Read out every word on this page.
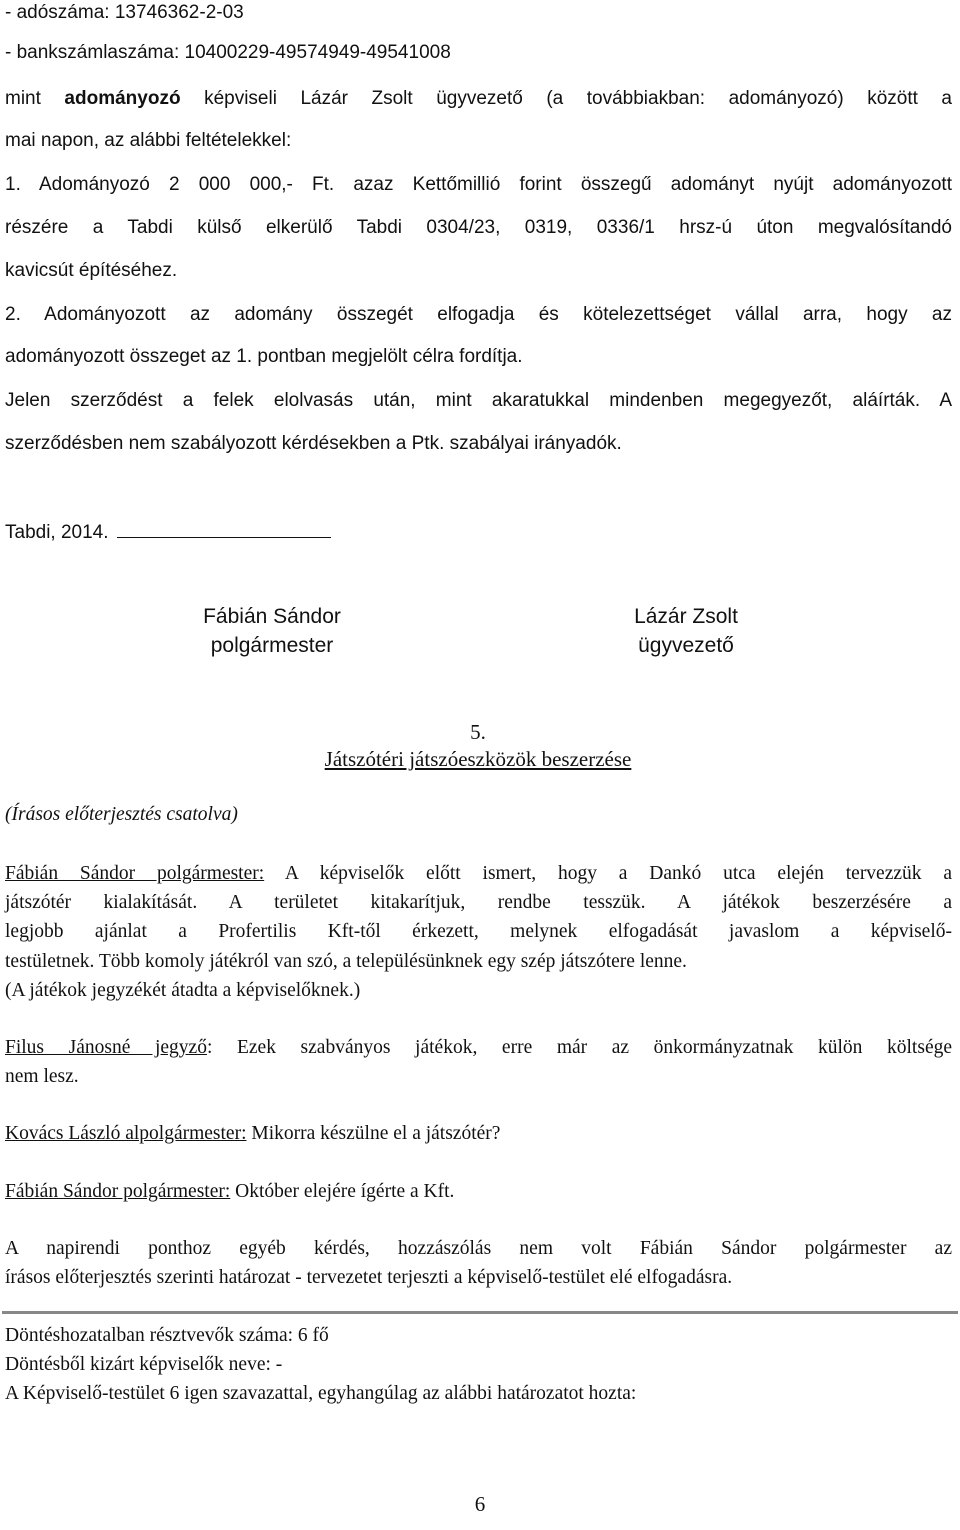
- adószáma: 13746362-2-03
- bankszámlaszáma: 10400229-49574949-49541008
mint adományozó képviseli Lázár Zsolt ügyvezető (a továbbiakban: adományozó) között a
mai napon, az alábbi feltételekkel:
1. Adományozó 2 000 000,- Ft. azaz Kettőmillió forint összegű adományt nyújt adományozott
részére a Tabdi külső elkerülő Tabdi 0304/23, 0319, 0336/1 hrsz-ú úton megvalósítandó
kavicsút építéséhez.
2. Adományozott az adomány összegét elfogadja és kötelezettséget vállal arra, hogy az
adományozott összeget az 1. pontban megjelölt célra fordítja.
Jelen szerződést a felek elolvasás után, mint akaratukkal mindenben megegyezőt, aláírták. A
szerződésben nem szabályozott kérdésekben a Ptk. szabályai irányadók.
Tabdi, 2014.
Fábián Sándor
polgármester
Lázár Zsolt
ügyvezető
5.
Játszótéri játszóeszközök beszerzése
(Írásos előterjesztés csatolva)
Fábián Sándor polgármester: A képviselők előtt ismert, hogy a Dankó utca elején tervezzük a
játszótér kialakítását. A területet kitakarítjuk, rendbe tesszük. A játékok beszerzésére a
legjobb ajánlat a Profertilis Kft-től érkezett, melynek elfogadását javaslom a képviselő-
testületnek. Több komoly játékról van szó, a településünknek egy szép játszótere lenne.
(A játékok jegyzékét átadta a képviselőknek.)
Filus Jánosné jegyző: Ezek szabványos játékok, erre már az önkormányzatnak külön költsége
nem lesz.
Kovács László alpolgármester: Mikorra készülne el a játszótér?
Fábián Sándor polgármester: Október elejére ígérte a Kft.
A napirendi ponthoz egyéb kérdés, hozzászólás nem volt Fábián Sándor polgármester az
írásos előterjesztés szerinti határozat - tervezetet terjeszti a képviselő-testület elé elfogadásra.
Döntéshozatalban résztvevők száma: 6 fő
Döntésből kizárt képviselők neve: -
A Képviselő-testület 6 igen szavazattal, egyhangúlag az alábbi határozatot hozta:
6
